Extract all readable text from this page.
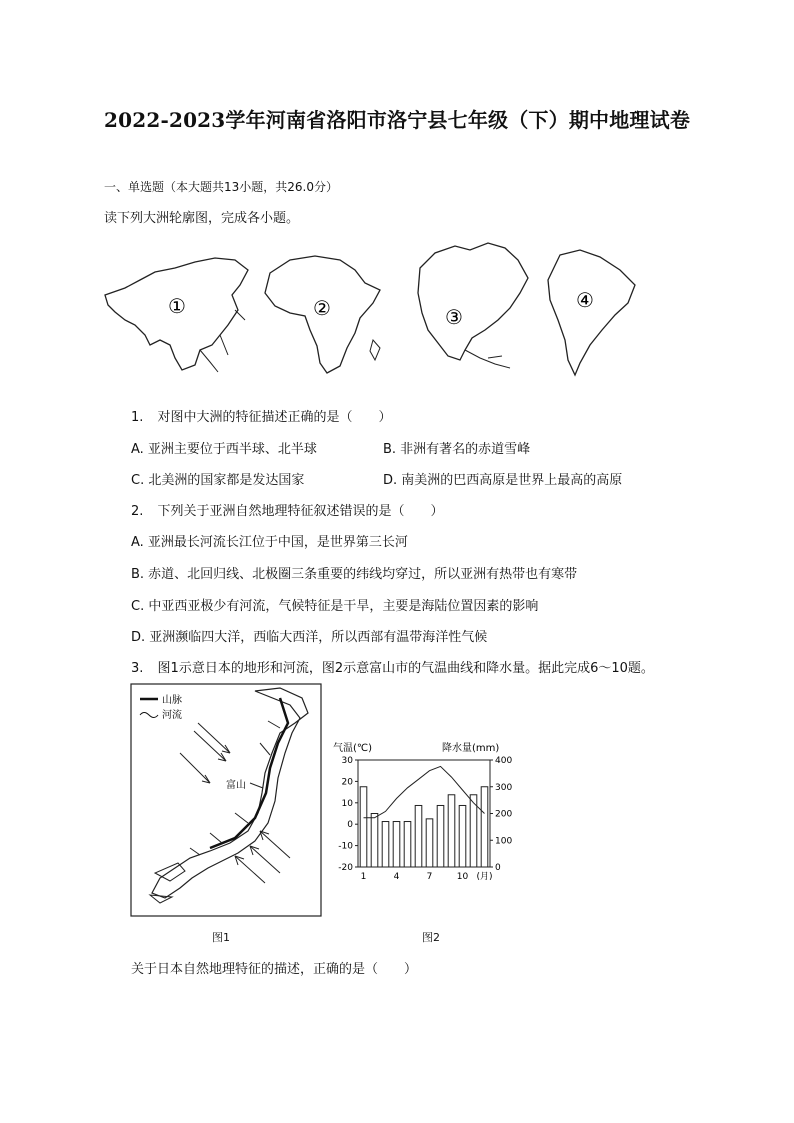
2022-2023学年河南省洛阳市洛宁县七年级（下）期中地理试卷
一、单选题（本大题共13小题，共26.0分）
读下列大洲轮廓图，完成各小题。
①	②	③
④
1. 对图中大洲的特征描述正确的是（　　）
A. 亚洲主要位于西半球、北半球	B. 非洲有著名的赤道雪峰
C. 北美洲的国家都是发达国家	D. 南美洲的巴西高原是世界上最高的高原
2. 下列关于亚洲自然地理特征叙述错误的是（　　）
A. 亚洲最长河流长江位于中国，是世界第三长河
B. 赤道、北回归线、北极圈三条重要的纬线均穿过，所以亚洲有热带也有寒带
C. 中亚西亚极少有河流，气候特征是干旱，主要是海陆位置因素的影响
D. 亚洲濒临四大洋，西临大西洋，所以西部有温带海洋性气候
3. 图1示意日本的地形和河流，图2示意富山市的气温曲线和降水量。据此完成6～10题。
山脉
河流
富山
图1
气温(℃)	降水量(mm)
30
20
10
0
-10
-20
400
300
200
100
0
1	4	7	10 (月)
图2
关于日本自然地理特征的描述，正确的是（　　）
